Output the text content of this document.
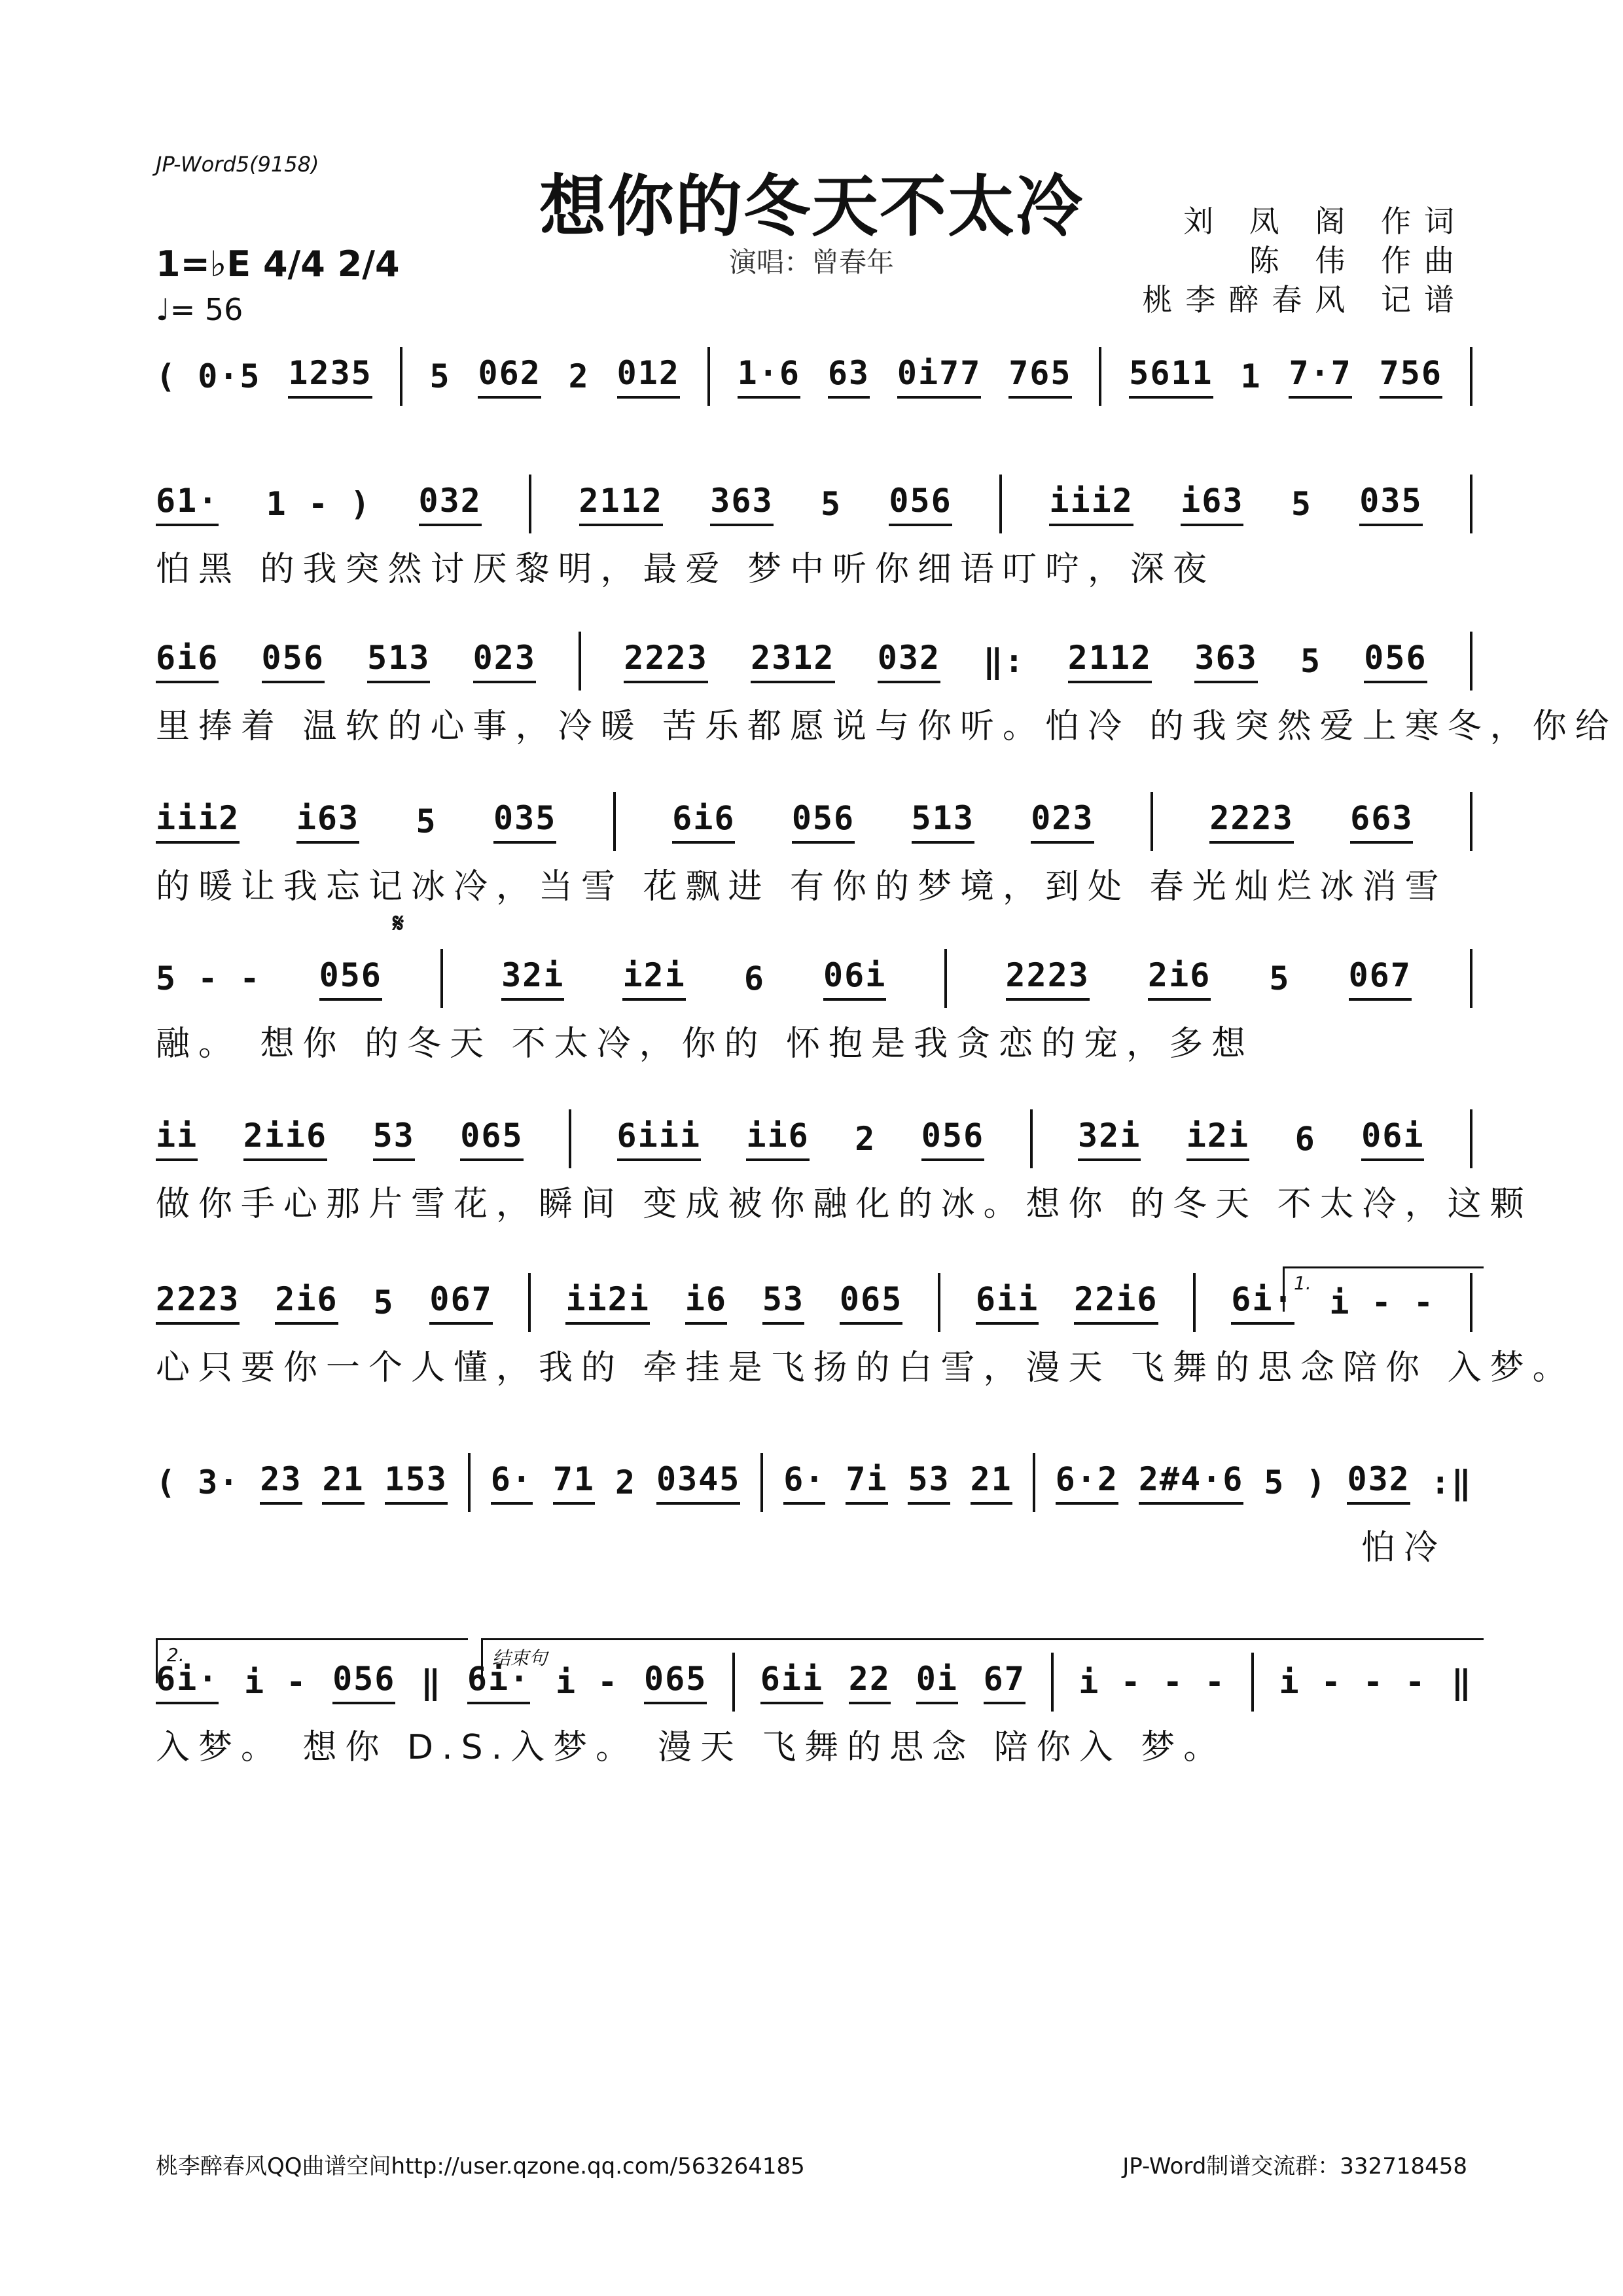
JP-Word5(9158)
想你的冬天不太冷
演唱：曾春年
刘 凤 阁 作词
陈 伟 作曲
桃李醉春风 记谱
1=♭E 4/4 2/4
♩= 56
𝄋
1.
2.	结束句
( 0·5 1235 5 062 2 012 1·6 63 0i77 765 5611 1 7·7 756
61· 1 - ) 032	2112 363 5 056	iii2 i63 5 035
怕黑 的我突然讨厌黎明，最爱 梦中听你细语叮咛，深夜
6i6 056 513 023	2223 2312 032 ‖: 2112 363 5 056
里捧着 温软的心事，冷暖 苦乐都愿说与你听。怕冷 的我突然爱上寒冬，你给
iii2 i63 5 035	6i6 056 513 023	2223 663
的暖让我忘记冰冷，当雪 花飘进 有你的梦境，到处 春光灿烂冰消雪
5 - - 056	32i i2i 6 06i	2223 2i6 5 067
融。 想你 的冬天 不太冷，你的 怀抱是我贪恋的宠，多想
ii 2ii6 53 065	6iii ii6 2 056	32i i2i 6 06i
做你手心那片雪花，瞬间 变成被你融化的冰。想你 的冬天 不太冷，这颗
2223 2i6 5 067 ii2i i6 53 065 6ii 22i6 6i· i - -
心只要你一个人懂，我的 牵挂是飞扬的白雪，漫天 飞舞的思念陪你 入梦。
( 3· 23 21 153 6· 71 2 0345 6· 7i 53 21 6·2 2#4·6 5 ) 032 :‖
怕冷
6i· i - 056 ‖ 6i· i - 065 6ii 22 0i 67 i - - - i - - - ‖
入梦。 想你 D.S.入梦。 漫天 飞舞的思念 陪你入 梦。
桃李醉春风QQ曲谱空间http://user.qzone.qq.com/563264185	JP-Word制谱交流群：332718458
